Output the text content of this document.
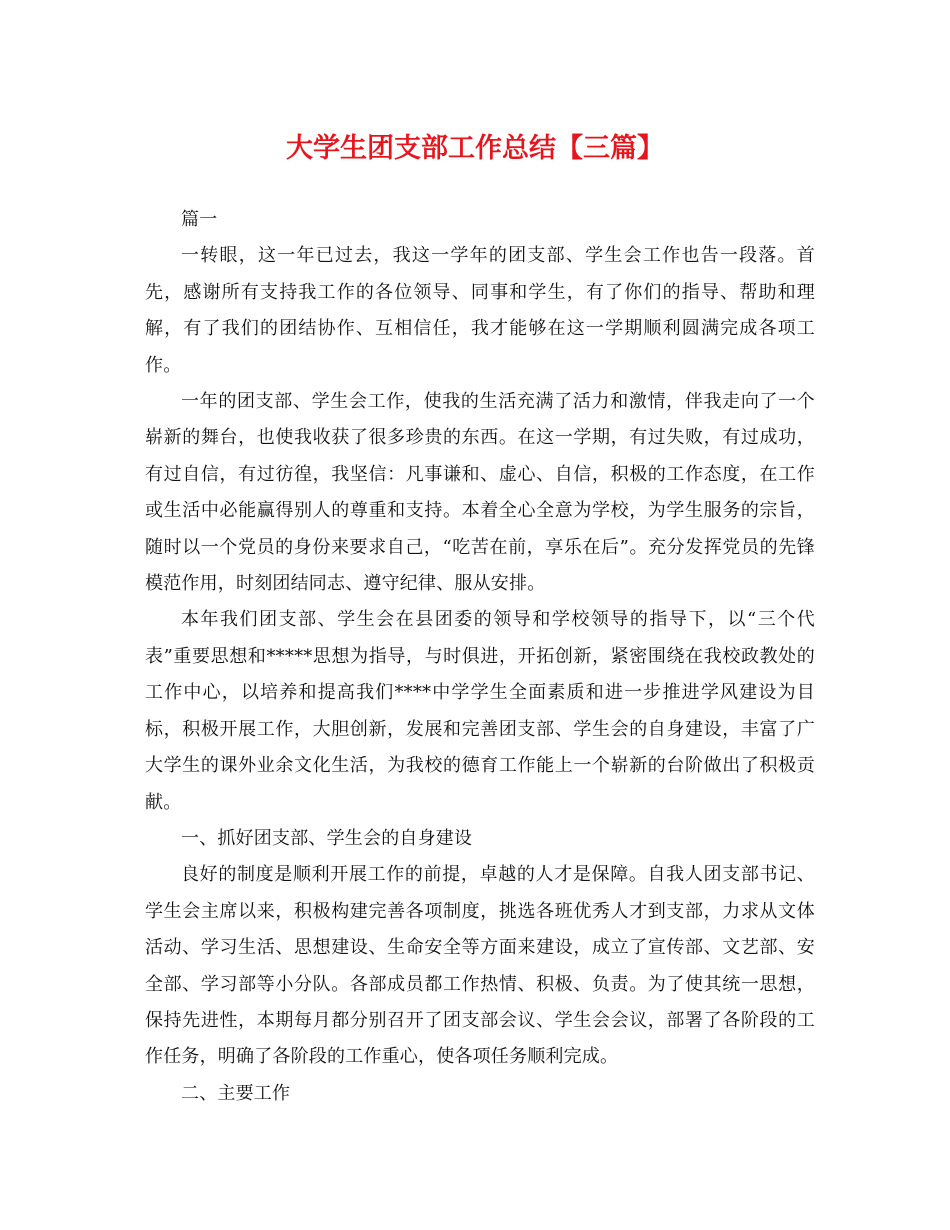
大学生团支部工作总结【三篇】

篇一

一转眼，这一年已过去，我这一学年的团支部、学生会工作也告一段落。首先，感谢所有支持我工作的各位领导、同事和学生，有了你们的指导、帮助和理解，有了我们的团结协作、互相信任，我才能够在这一学期顺利圆满完成各项工作。

一年的团支部、学生会工作，使我的生活充满了活力和激情，伴我走向了一个崭新的舞台，也使我收获了很多珍贵的东西。在这一学期，有过失败，有过成功，有过自信，有过彷徨，我坚信：凡事谦和、虚心、自信，积极的工作态度，在工作或生活中必能赢得别人的尊重和支持。本着全心全意为学校，为学生服务的宗旨，随时以一个党员的身份来要求自己，“吃苦在前，享乐在后”。充分发挥党员的先锋模范作用，时刻团结同志、遵守纪律、服从安排。

本年我们团支部、学生会在县团委的领导和学校领导的指导下，以“三个代表”重要思想和*****思想为指导，与时俱进，开拓创新，紧密围绕在我校政教处的工作中心，以培养和提高我们****中学学生全面素质和进一步推进学风建设为目标，积极开展工作，大胆创新，发展和完善团支部、学生会的自身建设，丰富了广大学生的课外业余文化生活，为我校的德育工作能上一个崭新的台阶做出了积极贡献。

一、抓好团支部、学生会的自身建设

良好的制度是顺利开展工作的前提，卓越的人才是保障。自我人团支部书记、学生会主席以来，积极构建完善各项制度，挑选各班优秀人才到支部，力求从文体活动、学习生活、思想建设、生命安全等方面来建设，成立了宣传部、文艺部、安全部、学习部等小分队。各部成员都工作热情、积极、负责。为了使其统一思想，保持先进性，本期每月都分别召开了团支部会议、学生会会议，部署了各阶段的工作任务，明确了各阶段的工作重心，使各项任务顺利完成。

二、主要工作
